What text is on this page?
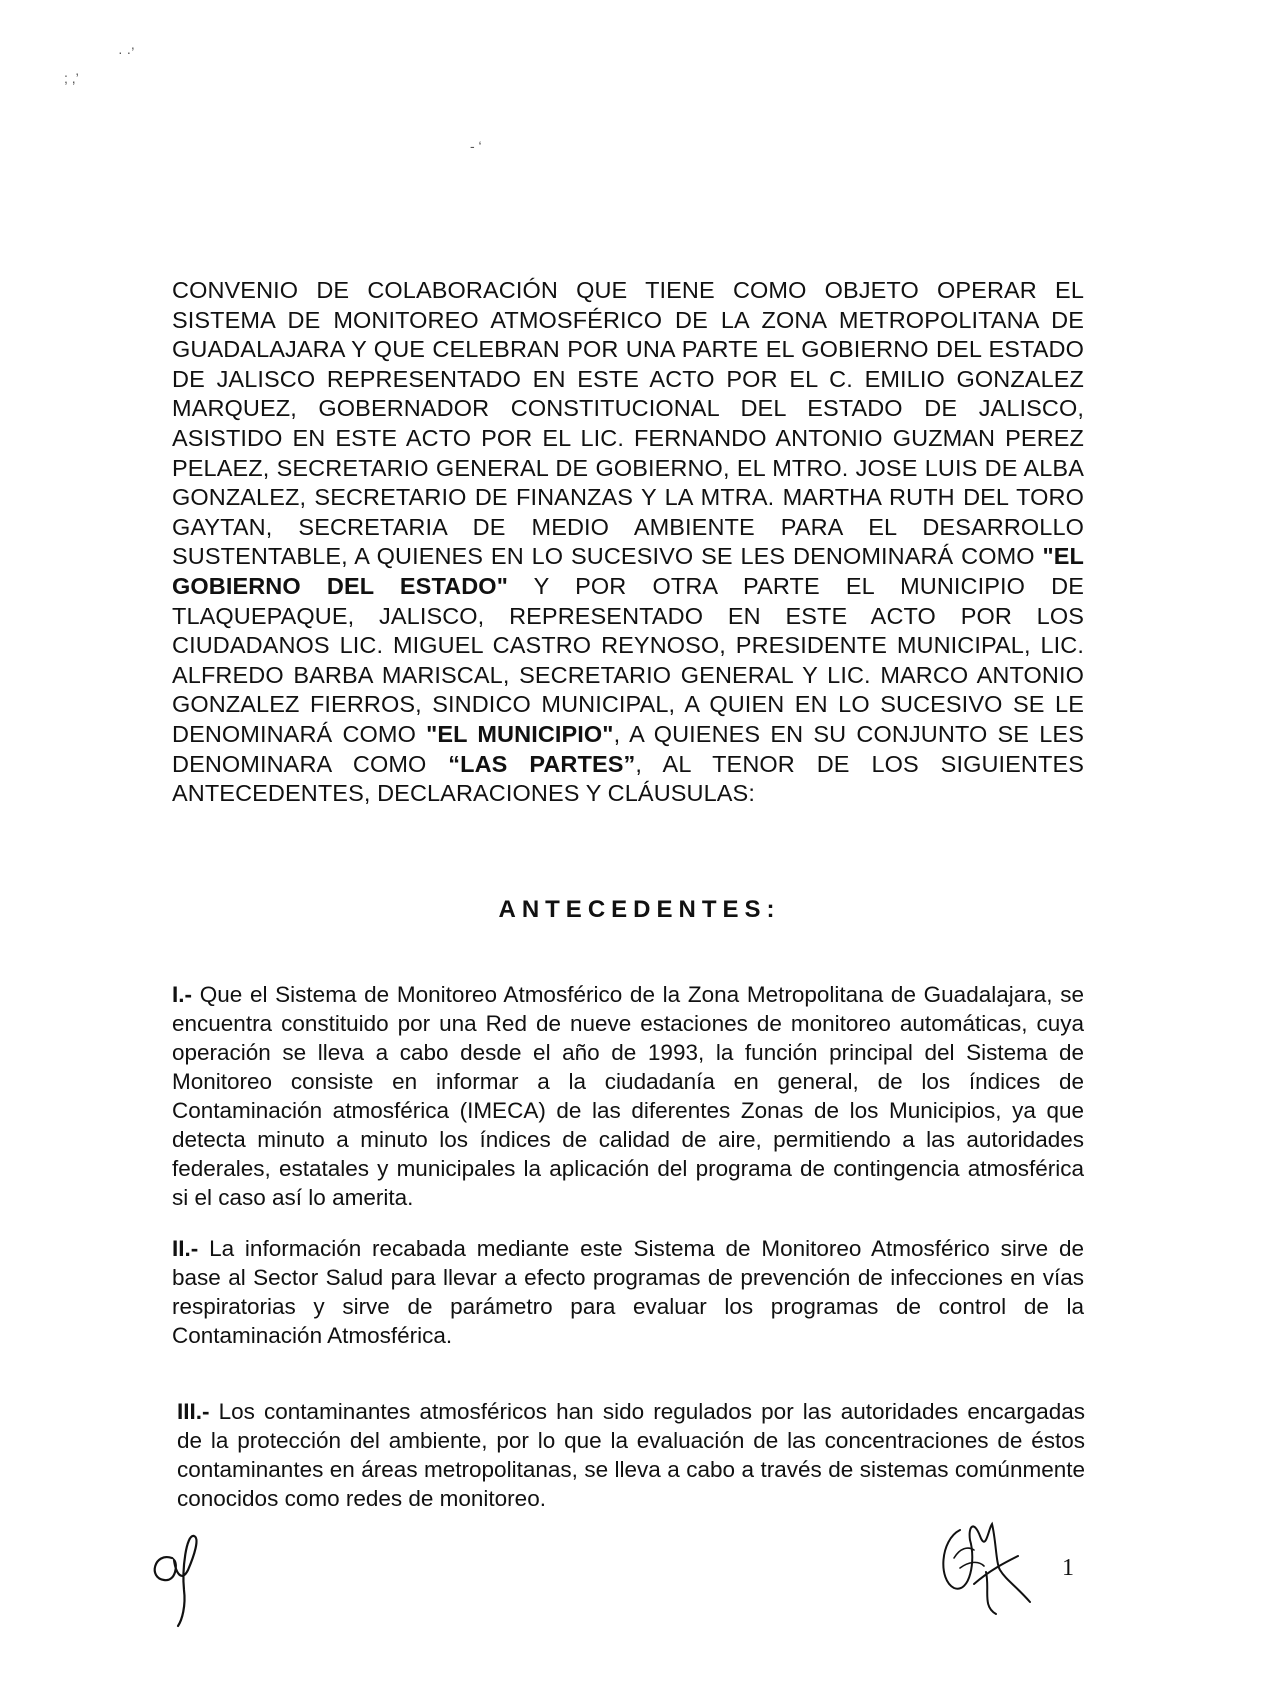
· ·’
; ,’
- ‘
CONVENIO DE COLABORACIÓN QUE TIENE COMO OBJETO OPERAR EL SISTEMA DE MONITOREO ATMOSFÉRICO DE LA ZONA METROPOLITANA DE GUADALAJARA Y QUE CELEBRAN POR UNA PARTE EL GOBIERNO DEL ESTADO DE JALISCO REPRESENTADO EN ESTE ACTO POR EL C. EMILIO GONZALEZ MARQUEZ, GOBERNADOR CONSTITUCIONAL DEL ESTADO DE JALISCO, ASISTIDO EN ESTE ACTO POR EL LIC. FERNANDO ANTONIO GUZMAN PEREZ PELAEZ, SECRETARIO GENERAL DE GOBIERNO, EL MTRO. JOSE LUIS DE ALBA GONZALEZ, SECRETARIO DE FINANZAS Y LA MTRA. MARTHA RUTH DEL TORO GAYTAN, SECRETARIA DE MEDIO AMBIENTE PARA EL DESARROLLO SUSTENTABLE, A QUIENES EN LO SUCESIVO SE LES DENOMINARÁ COMO "EL GOBIERNO DEL ESTADO" Y POR OTRA PARTE EL MUNICIPIO DE TLAQUEPAQUE, JALISCO, REPRESENTADO EN ESTE ACTO POR LOS CIUDADANOS LIC. MIGUEL CASTRO REYNOSO, PRESIDENTE MUNICIPAL, LIC. ALFREDO BARBA MARISCAL, SECRETARIO GENERAL Y LIC. MARCO ANTONIO GONZALEZ FIERROS, SINDICO MUNICIPAL, A QUIEN EN LO SUCESIVO SE LE DENOMINARÁ COMO "EL MUNICIPIO", A QUIENES EN SU CONJUNTO SE LES DENOMINARA COMO “LAS PARTES”, AL TENOR DE LOS SIGUIENTES ANTECEDENTES, DECLARACIONES Y CLÁUSULAS:
ANTECEDENTES:
I.- Que el Sistema de Monitoreo Atmosférico de la Zona Metropolitana de Guadalajara, se encuentra constituido por una Red de nueve estaciones de monitoreo automáticas, cuya operación se lleva a cabo desde el año de 1993, la función principal del Sistema de Monitoreo consiste en informar a la ciudadanía en general, de los índices de Contaminación atmosférica (IMECA) de las diferentes Zonas de los Municipios, ya que detecta minuto a minuto los índices de calidad de aire, permitiendo a las autoridades federales, estatales y municipales la aplicación del programa de contingencia atmosférica si el caso así lo amerita.
II.- La información recabada mediante este Sistema de Monitoreo Atmosférico sirve de base al Sector Salud para llevar a efecto programas de prevención de infecciones en vías respiratorias y sirve de parámetro para evaluar los programas de control de la Contaminación Atmosférica.
III.- Los contaminantes atmosféricos han sido regulados por las autoridades encargadas de la protección del ambiente, por lo que la evaluación de las concentraciones de éstos contaminantes en áreas metropolitanas, se lleva a cabo a través de sistemas comúnmente conocidos como redes de monitoreo.
1
